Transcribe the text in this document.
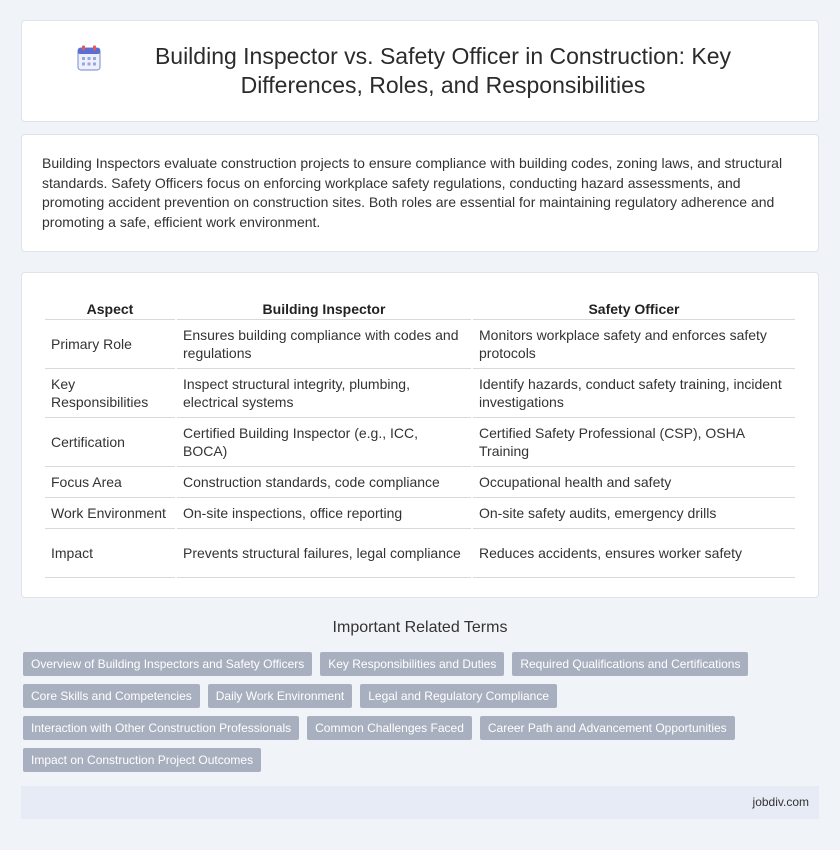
Building Inspector vs. Safety Officer in Construction: Key Differences, Roles, and Responsibilities

Building Inspectors evaluate construction projects to ensure compliance with building codes, zoning laws, and structural standards. Safety Officers focus on enforcing workplace safety regulations, conducting hazard assessments, and promoting accident prevention on construction sites. Both roles are essential for maintaining regulatory adherence and promoting a safe, efficient work environment.

Aspect	Building Inspector	Safety Officer
Primary Role	Ensures building compliance with codes and regulations	Monitors workplace safety and enforces safety protocols
Key Responsibilities	Inspect structural integrity, plumbing, electrical systems	Identify hazards, conduct safety training, incident investigations
Certification	Certified Building Inspector (e.g., ICC, BOCA)	Certified Safety Professional (CSP), OSHA Training
Focus Area	Construction standards, code compliance	Occupational health and safety
Work Environment	On-site inspections, office reporting	On-site safety audits, emergency drills
Impact	Prevents structural failures, legal compliance	Reduces accidents, ensures worker safety
Important Related Terms
Overview of Building Inspectors and Safety Officers	Key Responsibilities and Duties	Required Qualifications and Certifications
Core Skills and Competencies	Daily Work Environment	Legal and Regulatory Compliance
Interaction with Other Construction Professionals	Common Challenges Faced	Career Path and Advancement Opportunities
Impact on Construction Project Outcomes
jobdiv.com
